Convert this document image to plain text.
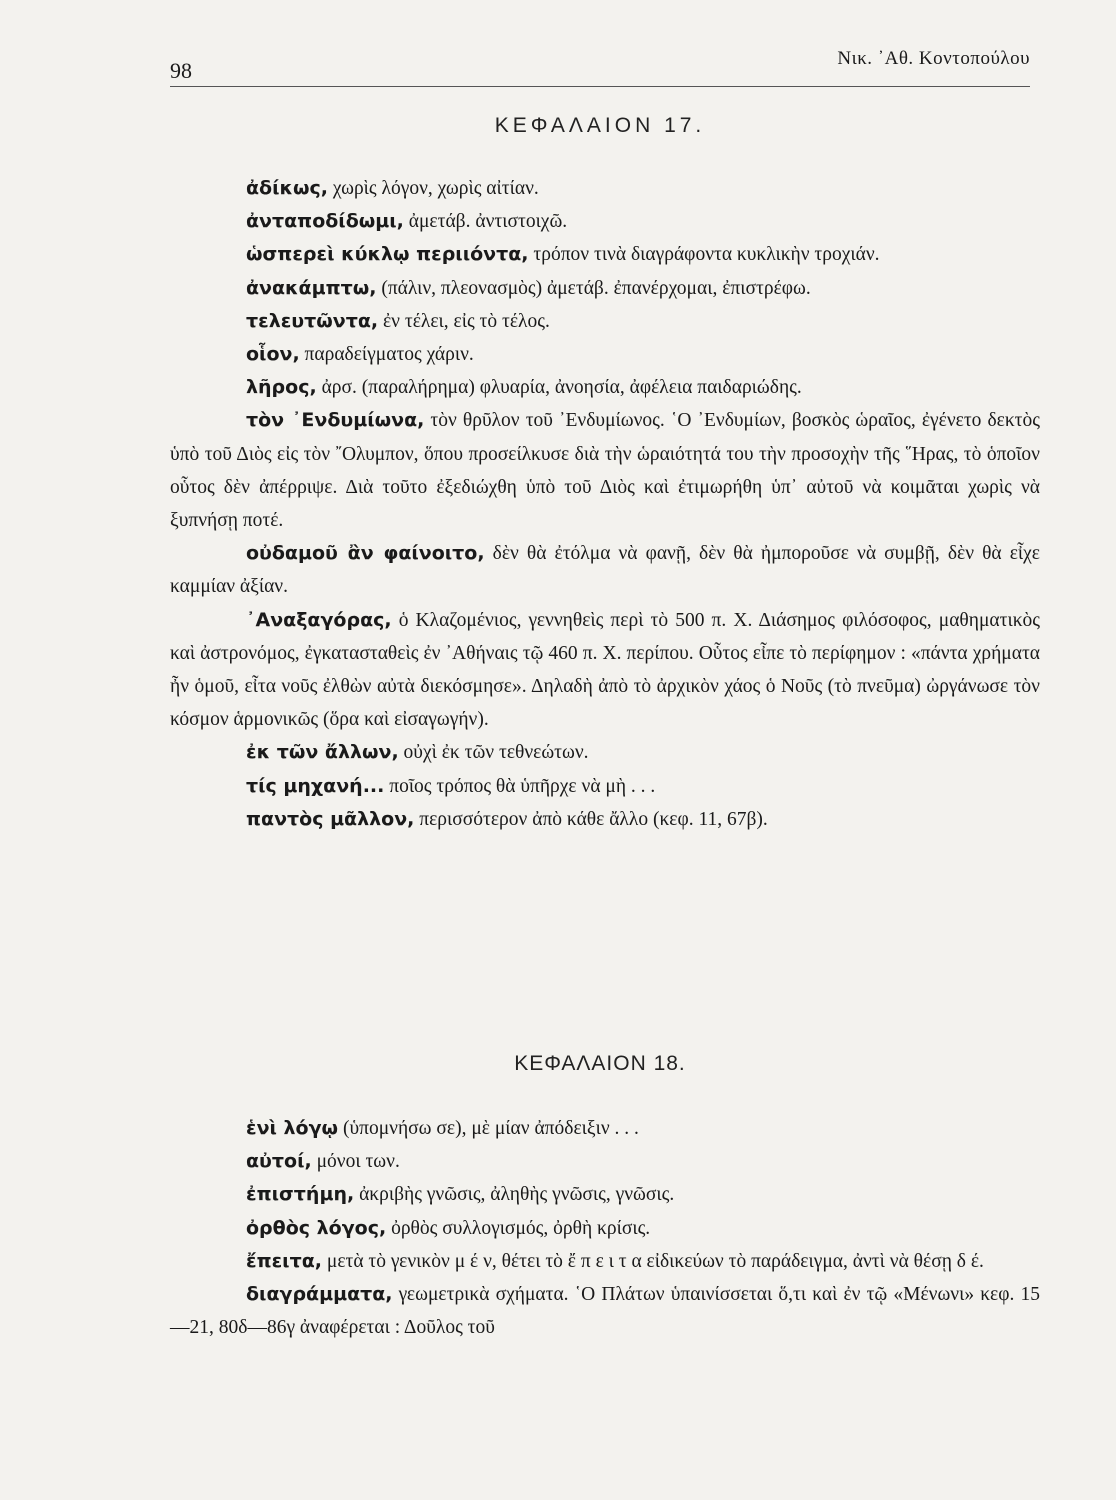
98	Νικ. ᾿Αθ. Κοντοπούλου
ΚΕΦΑΛΑΙΟΝ 17.

ἀδίκως, χωρὶς λόγον, χωρὶς αἰτίαν.

ἀνταποδίδωμι, ἀμετάβ. ἀντιστοιχῶ.

ὡσπερεὶ κύκλῳ περιιόντα, τρόπον τινὰ διαγράφοντα κυκλικὴν τροχιάν.

ἀνακάμπτω, (πάλιν, πλεονασμὸς) ἀμετάβ. ἐπανέρχομαι, ἐπιστρέφω.

τελευτῶντα, ἐν τέλει, εἰς τὸ τέλος.

οἷον, παραδείγματος χάριν.

λῆρος, ἀρσ. (παραλήρημα) φλυαρία, ἀνοησία, ἀφέλεια παιδαριώδης.

τὸν ᾿Ενδυμίωνα, τὸν θρῦλον τοῦ ᾿Ενδυμίωνος. ῾Ο ᾿Ενδυμίων, βοσκὸς ὡραῖος, ἐγένετο δεκτὸς ὑπὸ τοῦ Διὸς εἰς τὸν ῎Ολυμπον, ὅπου προσείλκυσε διὰ τὴν ὡραιότητά του τὴν προσοχὴν τῆς ῞Ηρας, τὸ ὁποῖον οὗτος δὲν ἀπέρριψε. Διὰ τοῦτο ἐξεδιώχθη ὑπὸ τοῦ Διὸς καὶ ἐτιμωρήθη ὑπ᾿ αὐτοῦ νὰ κοιμᾶται χωρὶς νὰ ξυπνήσῃ ποτέ.

οὐδαμοῦ ἂν φαίνοιτο, δὲν θὰ ἐτόλμα νὰ φανῇ, δὲν θὰ ἠμποροῦσε νὰ συμβῇ, δὲν θὰ εἶχε καμμίαν ἀξίαν.

᾿Αναξαγόρας, ὁ Κλαζομένιος, γεννηθεὶς περὶ τὸ 500 π. Χ. Διάσημος φιλόσοφος, μαθηματικὸς καὶ ἀστρονόμος, ἐγκατασταθεὶς ἐν ᾿Αθήναις τῷ 460 π. Χ. περίπου. Οὗτος εἶπε τὸ περίφημον : «πάντα χρήματα ἦν ὁμοῦ, εἶτα νοῦς ἐλθὼν αὐτὰ διεκόσμησε». Δηλαδὴ ἀπὸ τὸ ἀρχικὸν χάος ὁ Νοῦς (τὸ πνεῦμα) ὠργάνωσε τὸν κόσμον ἁρμονικῶς (ὅρα καὶ εἰσαγωγήν).

ἐκ τῶν ἄλλων, οὐχὶ ἐκ τῶν τεθνεώτων.

τίς μηχανή... ποῖος τρόπος θὰ ὑπῆρχε νὰ μὴ . . .

παντὸς μᾶλλον, περισσότερον ἀπὸ κάθε ἄλλο (κεφ. 11, 67β).

ΚΕΦΑΛΑΙΟΝ 18.

ἑνὶ λόγῳ (ὑπομνήσω σε), μὲ μίαν ἀπόδειξιν . . .

αὐτοί, μόνοι των.

ἐπιστήμη, ἀκριβὴς γνῶσις, ἀληθὴς γνῶσις, γνῶσις.

ὀρθὸς λόγος, ὀρθὸς συλλογισμός, ὀρθὴ κρίσις.

ἔπειτα, μετὰ τὸ γενικὸν μ έ ν, θέτει τὸ ἔ π ε ι τ α εἰδικεύων τὸ παράδειγμα, ἀντὶ νὰ θέσῃ δ έ.

διαγράμματα, γεωμετρικὰ σχήματα. ῾Ο Πλάτων ὑπαινίσσεται ὅ,τι καὶ ἐν τῷ «Μένωνι» κεφ. 15—21, 80δ—86γ ἀναφέρεται : Δοῦλος τοῦ
